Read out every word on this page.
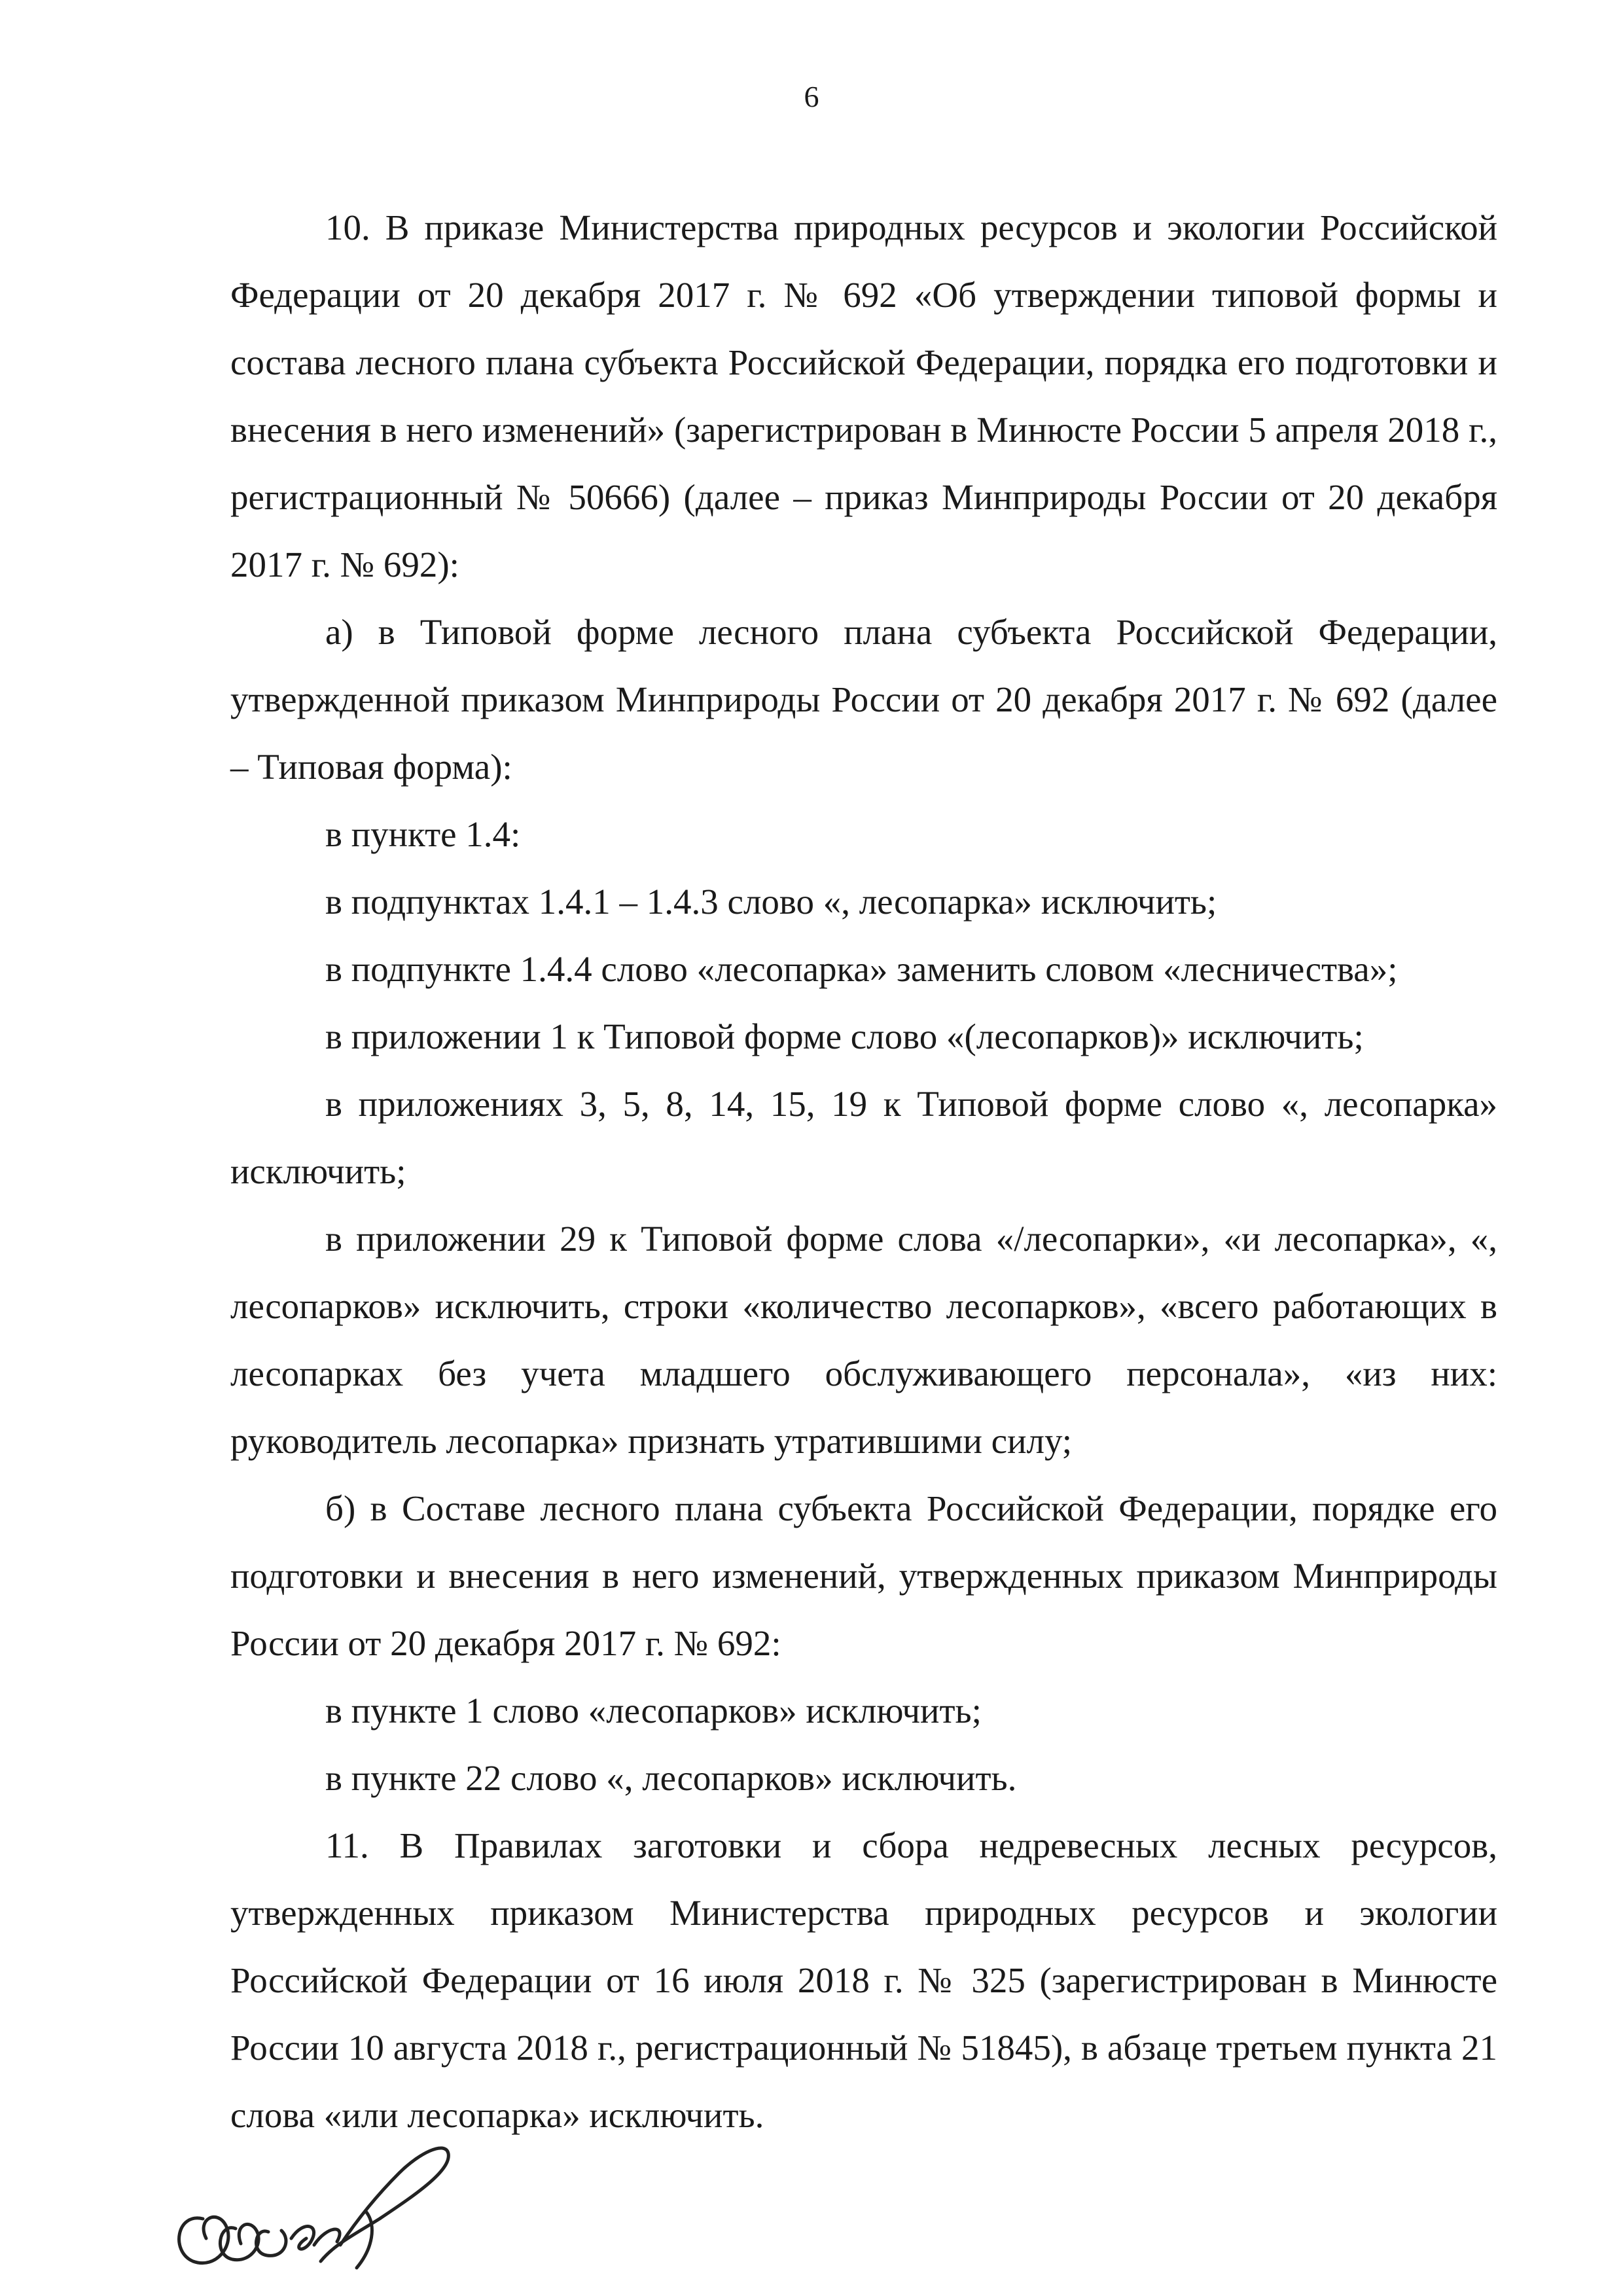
6

10. В приказе Министерства природных ресурсов и экологии Российской Федерации от 20 декабря 2017 г. № 692 «Об утверждении типовой формы и состава лесного плана субъекта Российской Федерации, порядка его подготовки и внесения в него изменений» (зарегистрирован в Минюсте России 5 апреля 2018 г., регистрационный № 50666) (далее – приказ Минприроды России от 20 декабря 2017 г. № 692):

а) в Типовой форме лесного плана субъекта Российской Федерации, утвержденной приказом Минприроды России от 20 декабря 2017 г. № 692 (далее – Типовая форма):

в пункте 1.4:

в подпунктах 1.4.1 – 1.4.3 слово «, лесопарка» исключить;

в подпункте 1.4.4 слово «лесопарка» заменить словом «лесничества»;

в приложении 1 к Типовой форме слово «(лесопарков)» исключить;

в приложениях 3, 5, 8, 14, 15, 19 к Типовой форме слово «, лесопарка» исключить;

в приложении 29 к Типовой форме слова «/лесопарки», «и лесопарка», «, лесопарков» исключить, строки «количество лесопарков», «всего работающих в лесопарках без учета младшего обслуживающего персонала», «из них: руководитель лесопарка» признать утратившими силу;

б) в Составе лесного плана субъекта Российской Федерации, порядке его подготовки и внесения в него изменений, утвержденных приказом Минприроды России от 20 декабря 2017 г. № 692:

в пункте 1 слово «лесопарков» исключить;

в пункте 22 слово «, лесопарков» исключить.

11. В Правилах заготовки и сбора недревесных лесных ресурсов, утвержденных приказом Министерства природных ресурсов и экологии Российской Федерации от 16 июля 2018 г. № 325 (зарегистрирован в Минюсте России 10 августа 2018 г., регистрационный № 51845), в абзаце третьем пункта 21 слова «или лесопарка» исключить.
